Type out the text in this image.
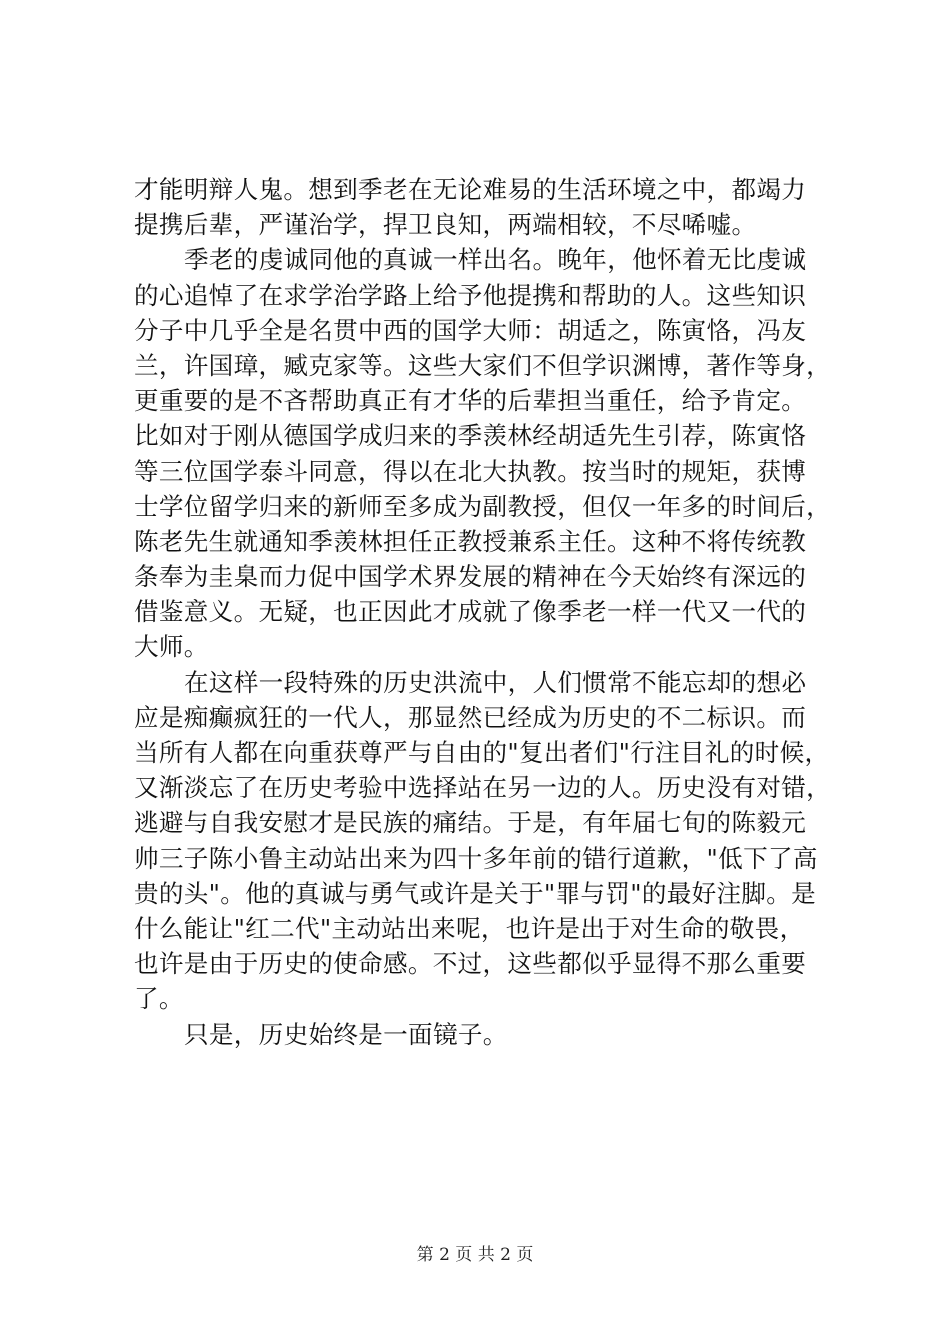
才能明辩人鬼。想到季老在无论难易的生活环境之中，都竭力
提携后辈，严谨治学，捍卫良知，两端相较，不尽唏嘘。
季老的虔诚同他的真诚一样出名。晚年，他怀着无比虔诚
的心追悼了在求学治学路上给予他提携和帮助的人。这些知识
分子中几乎全是名贯中西的国学大师：胡适之，陈寅恪，冯友
兰，许国璋，臧克家等。这些大家们不但学识渊博，著作等身，
更重要的是不吝帮助真正有才华的后辈担当重任，给予肯定。
比如对于刚从德国学成归来的季羡林经胡适先生引荐，陈寅恪
等三位国学泰斗同意，得以在北大执教。按当时的规矩，获博
士学位留学归来的新师至多成为副教授，但仅一年多的时间后，
陈老先生就通知季羡林担任正教授兼系主任。这种不将传统教
条奉为圭臬而力促中国学术界发展的精神在今天始终有深远的
借鉴意义。无疑，也正因此才成就了像季老一样一代又一代的
大师。
在这样一段特殊的历史洪流中，人们惯常不能忘却的想必
应是痴癫疯狂的一代人，那显然已经成为历史的不二标识。而
当所有人都在向重获尊严与自由的"复出者们"行注目礼的时候，
又渐淡忘了在历史考验中选择站在另一边的人。历史没有对错，
逃避与自我安慰才是民族的痛结。于是，有年届七旬的陈毅元
帅三子陈小鲁主动站出来为四十多年前的错行道歉，"低下了高
贵的头"。他的真诚与勇气或许是关于"罪与罚"的最好注脚。是
什么能让"红二代"主动站出来呢，也许是出于对生命的敬畏，
也许是由于历史的使命感。不过，这些都似乎显得不那么重要
了。
只是，历史始终是一面镜子。
第 2 页 共 2 页
